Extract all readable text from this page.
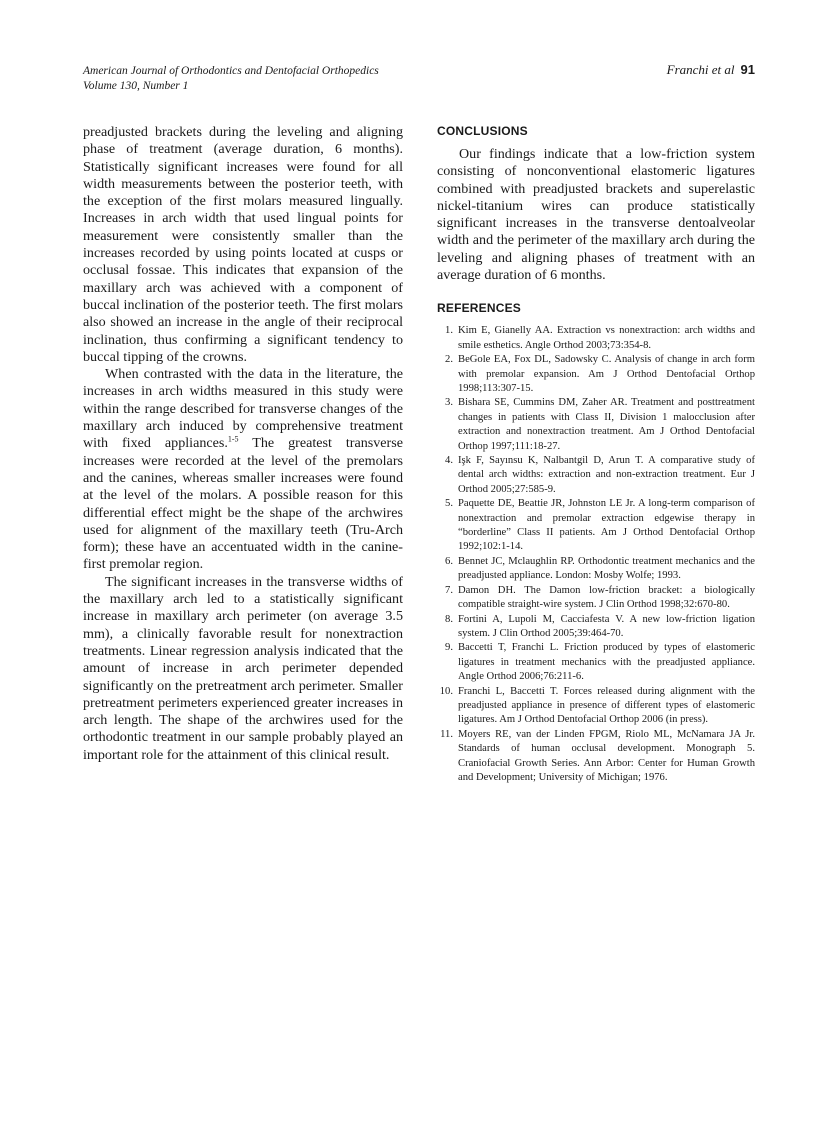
American Journal of Orthodontics and Dentofacial Orthopedics
Volume 130, Number 1
Franchi et al 91

preadjusted brackets during the leveling and aligning phase of treatment (average duration, 6 months). Statistically significant increases were found for all width measurements between the posterior teeth, with the exception of the first molars measured lingually. Increases in arch width that used lingual points for measurement were consistently smaller than the increases recorded by using points located at cusps or occlusal fossae. This indicates that expansion of the maxillary arch was achieved with a component of buccal inclination of the posterior teeth. The first molars also showed an increase in the angle of their reciprocal inclination, thus confirming a significant tendency to buccal tipping of the crowns.

When contrasted with the data in the literature, the increases in arch widths measured in this study were within the range described for transverse changes of the maxillary arch induced by comprehensive treatment with fixed appliances.$^{1-5}$ The greatest transverse increases were recorded at the level of the premolars and the canines, whereas smaller increases were found at the level of the molars. A possible reason for this differential effect might be the shape of the archwires used for alignment of the maxillary teeth (Tru-Arch form); these have an accentuated width in the canine-first premolar region.

The significant increases in the transverse widths of the maxillary arch led to a statistically significant increase in maxillary arch perimeter (on average 3.5 mm), a clinically favorable result for nonextraction treatments. Linear regression analysis indicated that the amount of increase in arch perimeter depended significantly on the pretreatment arch perimeter. Smaller pretreatment perimeters experienced greater increases in arch length. The shape of the archwires used for the orthodontic treatment in our sample probably played an important role for the attainment of this clinical result.

CONCLUSIONS

Our findings indicate that a low-friction system consisting of nonconventional elastomeric ligatures combined with preadjusted brackets and superelastic nickel-titanium wires can produce statistically significant increases in the transverse dentoalveolar width and the perimeter of the maxillary arch during the leveling and aligning phases of treatment with an average duration of 6 months.

REFERENCES
1. Kim E, Gianelly AA. Extraction vs nonextraction: arch widths and smile esthetics. Angle Orthod 2003;73:354-8.
2. BeGole EA, Fox DL, Sadowsky C. Analysis of change in arch form with premolar expansion. Am J Orthod Dentofacial Orthop 1998;113:307-15.
3. Bishara SE, Cummins DM, Zaher AR. Treatment and posttreatment changes in patients with Class II, Division 1 malocclusion after extraction and nonextraction treatment. Am J Orthod Dentofacial Orthop 1997;111:18-27.
4. Işk F, Sayınsu K, Nalbantgil D, Arun T. A comparative study of dental arch widths: extraction and non-extraction treatment. Eur J Orthod 2005;27:585-9.
5. Paquette DE, Beattie JR, Johnston LE Jr. A long-term comparison of nonextraction and premolar extraction edgewise therapy in “borderline” Class II patients. Am J Orthod Dentofacial Orthop 1992;102:1-14.
6. Bennet JC, Mclaughlin RP. Orthodontic treatment mechanics and the preadjusted appliance. London: Mosby Wolfe; 1993.
7. Damon DH. The Damon low-friction bracket: a biologically compatible straight-wire system. J Clin Orthod 1998;32:670-80.
8. Fortini A, Lupoli M, Cacciafesta V. A new low-friction ligation system. J Clin Orthod 2005;39:464-70.
9. Baccetti T, Franchi L. Friction produced by types of elastomeric ligatures in treatment mechanics with the preadjusted appliance. Angle Orthod 2006;76:211-6.
10. Franchi L, Baccetti T. Forces released during alignment with the preadjusted appliance in presence of different types of elastomeric ligatures. Am J Orthod Dentofacial Orthop 2006 (in press).
11. Moyers RE, van der Linden FPGM, Riolo ML, McNamara JA Jr. Standards of human occlusal development. Monograph 5. Craniofacial Growth Series. Ann Arbor: Center for Human Growth and Development; University of Michigan; 1976.
